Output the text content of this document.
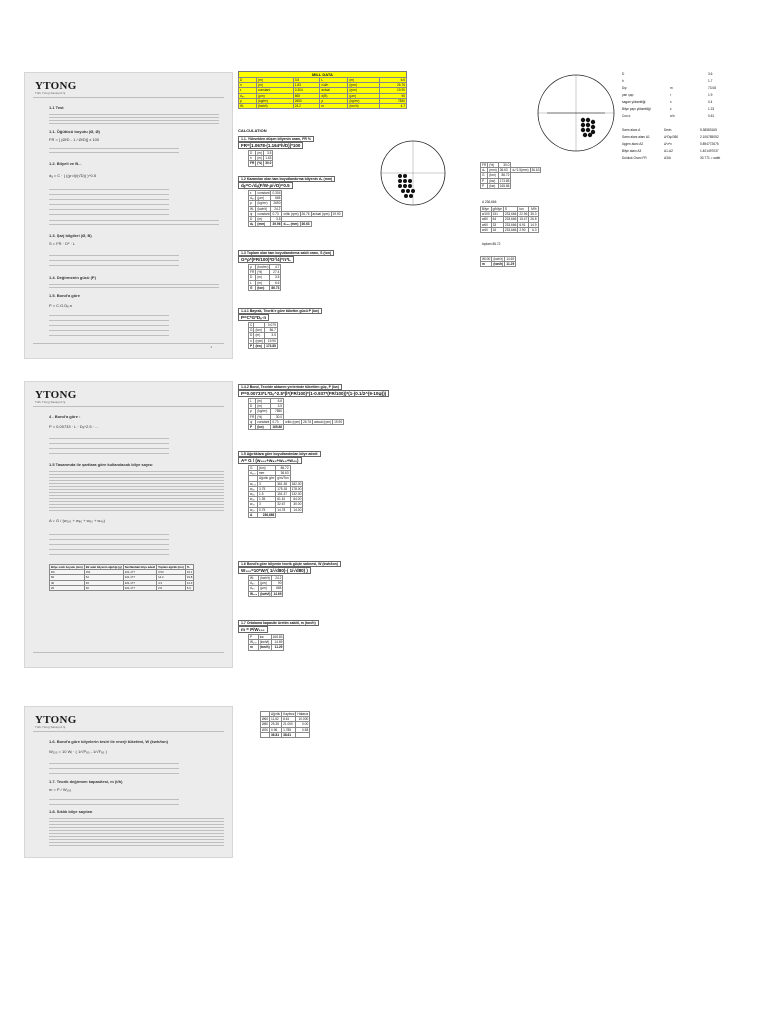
YTONG
Türk Ytong Sanayi A.Ş.
1.1 Test
1.1. Öğütücü boyutu (Ø, Ø)
FR = [ (Ø/D - 1 / Ø/D)] x 100
1.2. Bilyeli ve B...
dₐ = C · ( ((ρ·d)/(√D)) )^0.5
1.3. Şarj bilgileri (Ø, B)
S = FR · D² · L
1.4. Değirmenin gücü (P)
1.5. Bond'a göre
P = C.G.Dₑ.n
1
YTONG
Türk Ytong Sanayi A.Ş.
4 - Bond'a göre :
P = 0,00733 · L · Dₑ^2.5 · ...
1.5 Tasarımda ile şartlara göre kullanılacak bilye sayısı
A = G / (w₁₀₀ + w₈₀ + w₆₀ + w₄₀)
Bilye sınıfı boyutu (mm)	Bir adet bilyenin ağırlığı (g)	Sınıflardaki bilye adedi	Toplam ağırlık (ton)	%
D0	151	221,177	3.53	15.1
60	64	221,177	14.2	19.8
40	33	221,177	4.3	14.3
20	16	221,177	2.8	6.3
YTONG
Türk Ytong Sanayi A.Ş.
1.6. Bond'a göre bilyelerin tesiri ile enerji tüketimi, W (kwh/ton)
W₁₀₀ = 10 Wᵢ · ( 1/√P₈₀ - 1/√F₈₀ )
1.7. Teorik değirmen kapasitesi, m (t/h)
m = P / W₁₀₀
1.8. Sıklık bilye sayıları
MILL DATA
D	(m)	3.5	L	(m)	6.6
n	(m)	1.83	c/d/n	(rpm)	26.76
ε	constant	0.304	actual	(rpm)	19.90
d₈₀	(μm)	665	d(B)	(μm)	90
ρ	(kg/m³)	2650	ρ	(kg/m³)	7850
Wᵢ	(kwh/t)	24.2	m	(ton/h)	4.7
CALCULATION
1.1. Yüksekten düşen bilyenin oranı, FR %
FR=[1.0678-(1.164*h/D)]*100
D	(m)	3.5
h	(m)	1.63
FR	(%)	30.0
1.2 Kazanılan olan tam boyutlandırma bilyenin d₈ (mm)
dᵦ=C√dₑ(F/W·ρ/√D)^0.5
ε	constant	0.304				
d₈₀	(μm)	665				
ρ	(kg/m³)	2650				
Wᵢ	(kwh/t)	24.2				
ψ	constant	0.73	critic (rpm)	26.76	actual (rpm)	19.90
D	(m)	3.5				
dᵦ	(mm)	39.96	d₂₀₀ (mm)	36.63		
1.3 Toplam olan tam boyutlandırma sabit oranı, S (ton)
G=ρ*(FR/100)*D²/4)*π*L
ρ	(ton/m³)	4.7
FR	(%)	27.4
D	(m)	3.5
L	(m)	6.6
G	(ton)	86.73
1.4.1 Bayrak, Teorik'e göre tüketim gücü P (kw)
P=C*G*Dₑ·n
C		0.079
G	(ton)	86.7
D	(m)	3.5
n	(rpm)	19.90
P	(kw)	173.85
1.4.2 Bond, Teoride aktarım yerlerinde tüketilen güç, P (kw)
P=0.00733*L*Dₑ^2.5*β*(FR/100)*(1-0.937*(FR/100))*(1-(0.1/2^(9-10ψ)))
L	(m)	6.6				
D	(m)	3.5				
ρ	(kg/m³)	7850				
FR	(%)	30.0				
ψ	constant	0.73	critic (rpm)	26.76	actual (rpm)	19.90
P	(kw)	165.86				
1.5 Ağırlıklara göre boyutlandırılan bilye adedi
A= G / (w₁₀₀+w₈₀+w₆₀+w₄₀)
G	(ton)	86.72	
d₂₀₀	mm	36.63	
	Ağırlık g/m	g/m/Ton	
w₁₀₀	3	361.38	182.00
w₈₀	3.75	175.18	178.00
w₆₀	1.5	151.37	132.00
w₄₀	1.35	61.61	64.00
w₃₀	3	32.67	30.00
w₂₀	0.75	14.78	14.00
A	236,666		
1.6 Bond'a göre bilyenin teorik güçte sahnesi, W (kwh/ton)
W₁₀₀=10*Wᵢ*( 1/√d80)-( 1/√d80) )
Wᵢ	(kwh/t)	24.2
d₈₀	(μm)	90
d₈₀	(μm)	665
W₁₀₀	(kwh/t)	14.69
1.7 Ortalama kapasite üretim sabiti, m (ton/h)
m = P/W₁₀₀
P	kw	165.83
W₁₀₀	(kwh/t)	14.69
m	(ton/h)	11.29
D	3.6
h	1.7
Dψ	m	73.08
yarı çap	r	1.9
sagan yüksekliği	x	0.4
Bilye çapı yüksekliği	z	1.23
Cos α	α/n	0.61
Sarm alanı A	Dmin	5.38583165
Sarm alanı alanı A1	Δ*Dψ/360	2.106785052
üçgen alanı A2	Δ*z*x	0.894772675
Bilye alanı A3	A1-A2	1.401497037
Doluluk Oranı FR	A3/A	30.771 = sabit
FR	(%)	30.0		
dₑ	(mm)	36.63	dₑ*1.5(mm)	36.63
G	(ton)	86.72		
P	(kw)	173.85		
P	(kw)	165.86		
A 236,666
Bilye	g/bilye	S	ton	M%
w100	151	233,666	22.96	35.3
w80	64	233,666	15.47	26.8
w60	33	233,666	6.91	14.9
w40	16	233,666	2.90	6.3
toplam 86.72
W100	(kwh/t)	14.69
m	(ton/h)	11.29
	Ağırlık	Kayıtsız	Hatasız
Ø60	11.62	8.61	10.000
Ø80	25.35	21.000	0.00
Ø20	0.96	1.785	0.58
	36.81	38.61	
